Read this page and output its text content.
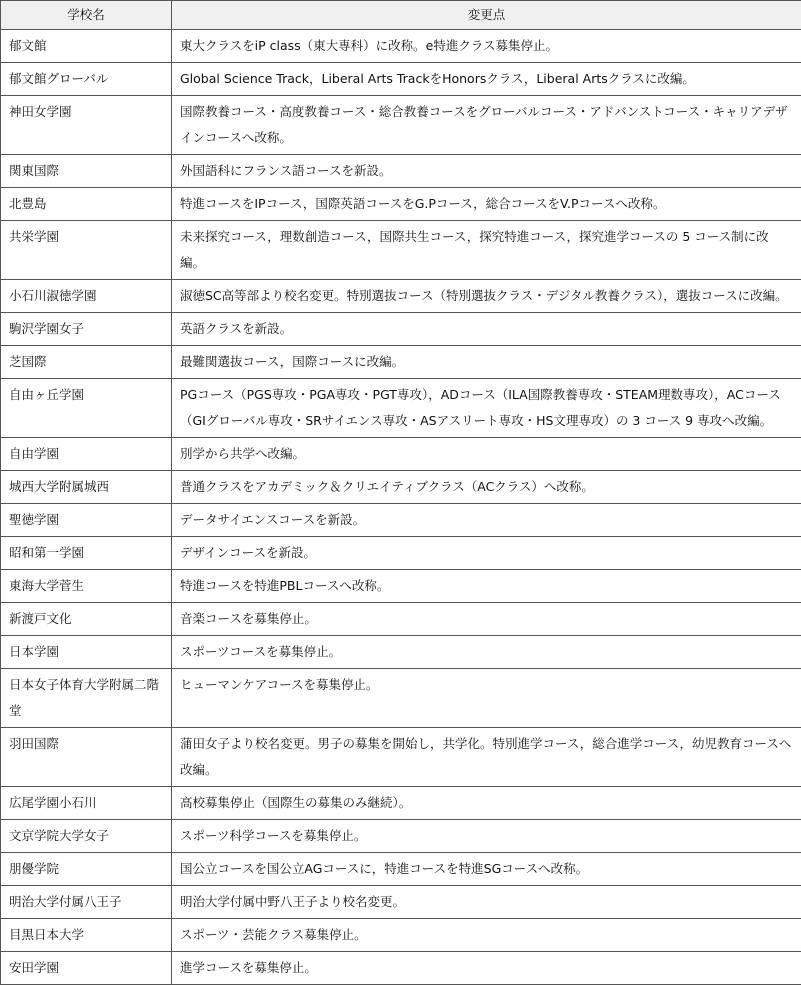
学校名	変更点
郁文館	東大クラスをiP class（東大専科）に改称。e特進クラス募集停止。
郁文館グローバル	Global Science Track，Liberal Arts TrackをHonorsクラス，Liberal Artsクラスに改編。
神田女学園	国際教養コース・高度教養コース・総合教養コースをグローバルコース・アドバンストコース・キャリアデザインコースへ改称。
関東国際	外国語科にフランス語コースを新設。
北豊島	特進コースをIPコース，国際英語コースをG.Pコース，総合コースをV.Pコースへ改称。
共栄学園	未来探究コース，理数創造コース，国際共生コース，探究特進コース，探究進学コースの 5 コース制に改編。
小石川淑徳学園	淑徳SC高等部より校名変更。特別選抜コース（特別選抜クラス・デジタル教養クラス），選抜コースに改編。
駒沢学園女子	英語クラスを新設。
芝国際	最難関選抜コース，国際コースに改編。
自由ヶ丘学園	PGコース（PGS専攻・PGA専攻・PGT専攻），ADコース（ILA国際教養専攻・STEAM理数専攻），ACコース（GIグローバル専攻・SRサイエンス専攻・ASアスリート専攻・HS文理専攻）の 3 コース 9 専攻へ改編。
自由学園	別学から共学へ改編。
城西大学附属城西	普通クラスをアカデミック＆クリエイティブクラス（ACクラス）へ改称。
聖徳学園	データサイエンスコースを新設。
昭和第一学園	デザインコースを新設。
東海大学菅生	特進コースを特進PBLコースへ改称。
新渡戸文化	音楽コースを募集停止。
日本学園	スポーツコースを募集停止。
日本女子体育大学附属二階堂	ヒューマンケアコースを募集停止。
羽田国際	蒲田女子より校名変更。男子の募集を開始し，共学化。特別進学コース，総合進学コース，幼児教育コースへ改編。
広尾学園小石川	高校募集停止（国際生の募集のみ継続）。
文京学院大学女子	スポーツ科学コースを募集停止。
朋優学院	国公立コースを国公立AGコースに，特進コースを特進SGコースへ改称。
明治大学付属八王子	明治大学付属中野八王子より校名変更。
目黒日本大学	スポーツ・芸能クラス募集停止。
安田学園	進学コースを募集停止。
